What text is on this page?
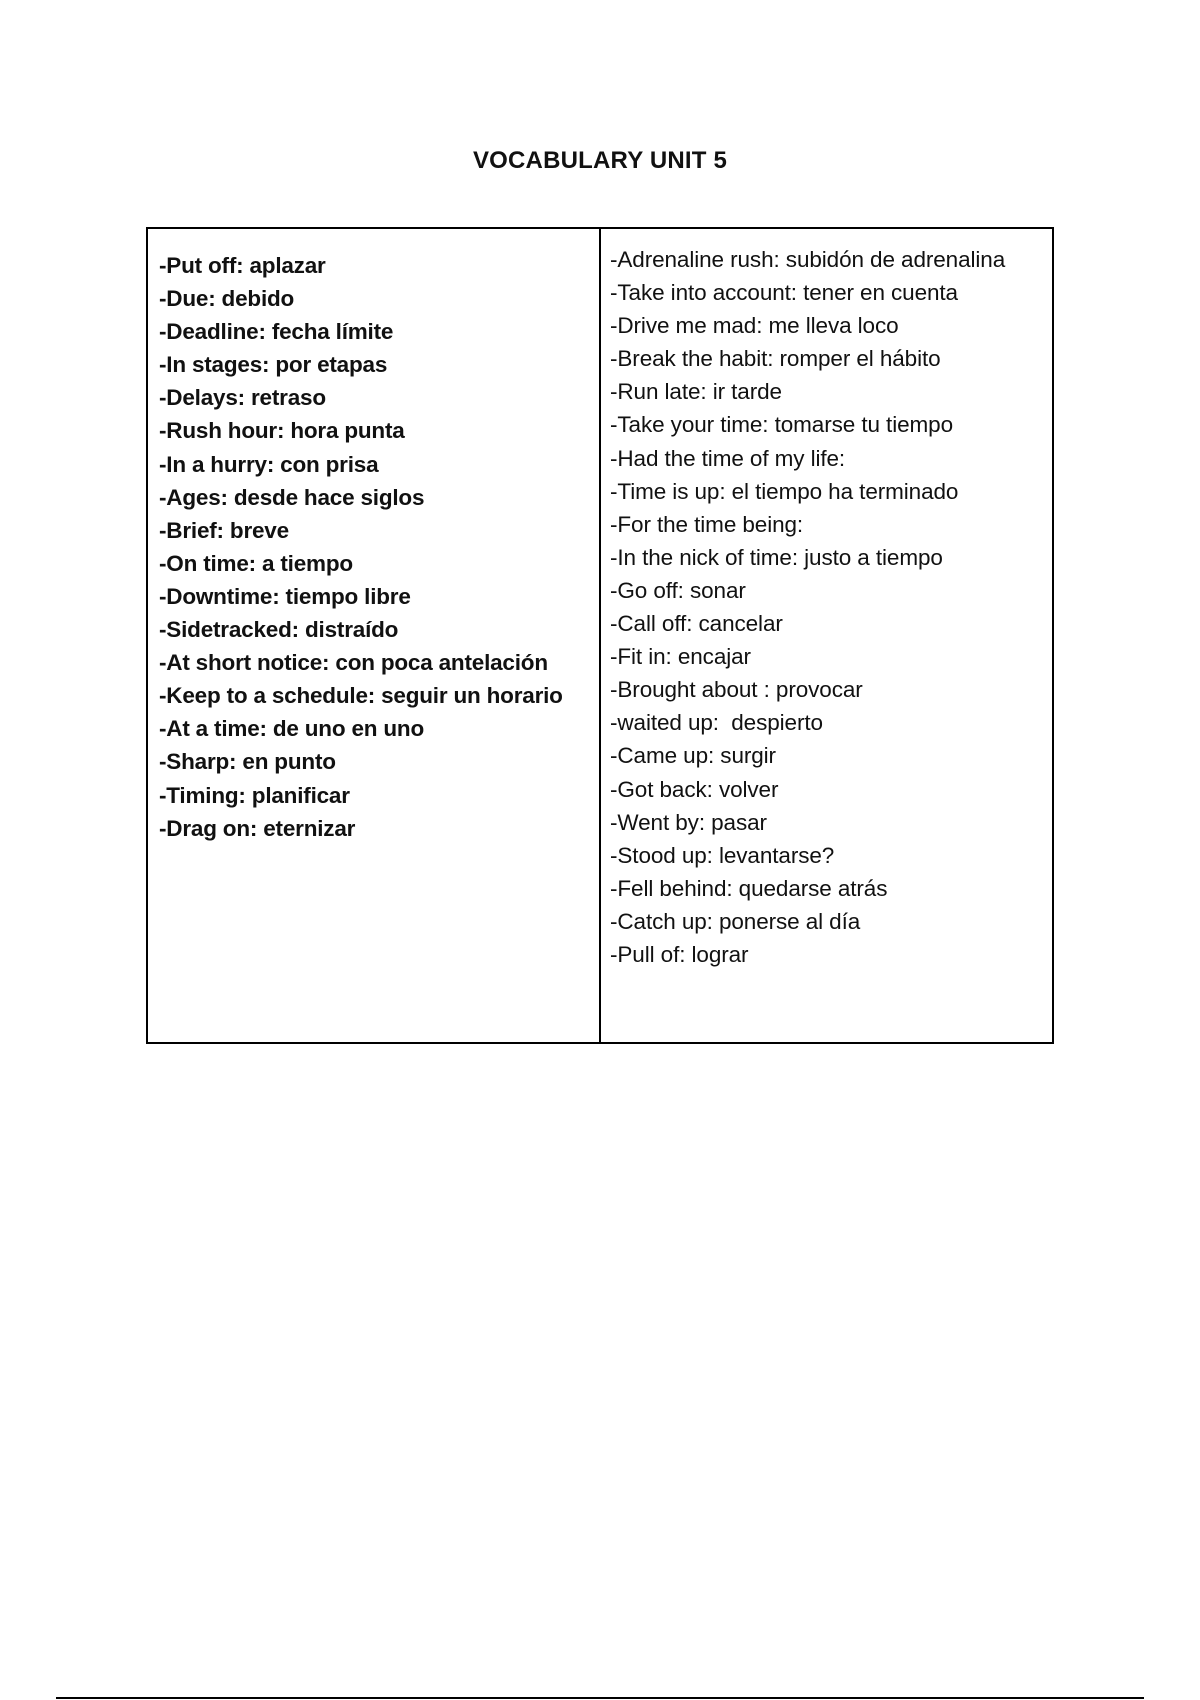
VOCABULARY UNIT 5
-Put off: aplazar
-Due: debido
-Deadline: fecha límite
-In stages: por etapas
-Delays: retraso
-Rush hour: hora punta
-In a hurry: con prisa
-Ages: desde hace siglos
-Brief: breve
-On time: a tiempo
-Downtime: tiempo libre
-Sidetracked: distraído
-At short notice: con poca antelación
-Keep to a schedule: seguir un horario
-At a time: de uno en uno
-Sharp: en punto
-Timing: planificar
-Drag on: eternizar
-Adrenaline rush: subidón de adrenalina
-Take into account: tener en cuenta
-Drive me mad: me lleva loco
-Break the habit: romper el hábito
-Run late: ir tarde
-Take your time: tomarse tu tiempo
-Had the time of my life:
-Time is up: el tiempo ha terminado
-For the time being:
-In the nick of time: justo a tiempo
-Go off: sonar
-Call off: cancelar
-Fit in: encajar
-Brought about : provocar
-waited up:  despierto
-Came up: surgir
-Got back: volver
-Went by: pasar
-Stood up: levantarse?
-Fell behind: quedarse atrás
-Catch up: ponerse al día
-Pull of: lograr
